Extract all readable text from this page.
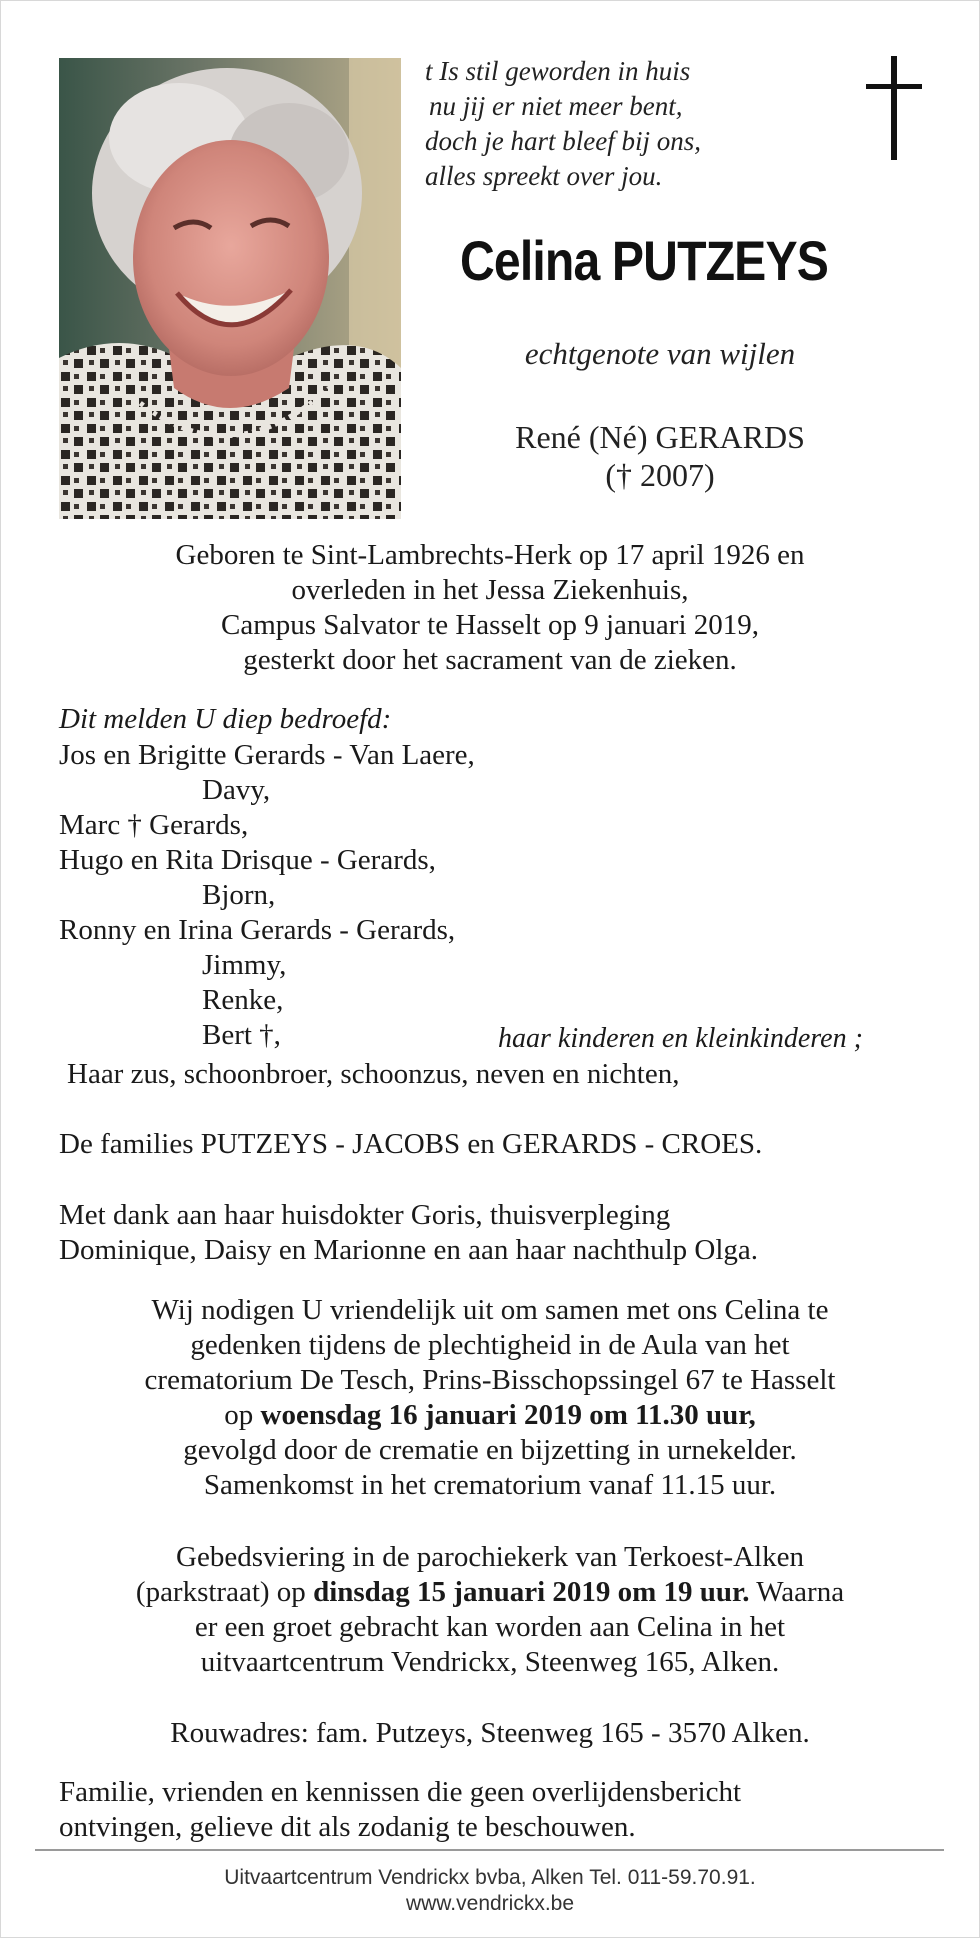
t Is stil geworden in huis
nu jij er niet meer bent,
doch je hart bleef bij ons,
alles spreekt over jou.
Celina PUTZEYS
echtgenote van wijlen
René (Né) GERARDS
(† 2007)
Geboren te Sint-Lambrechts-Herk op 17 april 1926 en
overleden in het Jessa Ziekenhuis,
Campus Salvator te Hasselt op 9 januari 2019,
gesterkt door het sacrament van de zieken.
Dit melden U diep bedroefd:
Jos en Brigitte Gerards - Van Laere,
Davy,
Marc † Gerards,
Hugo en Rita Drisque - Gerards,
Bjorn,
Ronny en Irina Gerards - Gerards,
Jimmy,
Renke,
Bert †,	haar kinderen en kleinkinderen ;
Haar zus, schoonbroer, schoonzus, neven en nichten,
De families PUTZEYS - JACOBS en GERARDS - CROES.
Met dank aan haar huisdokter Goris, thuisverpleging
Dominique, Daisy en Marionne en aan haar nachthulp Olga.
Wij nodigen U vriendelijk uit om samen met ons Celina te
gedenken tijdens de plechtigheid in de Aula van het
crematorium De Tesch, Prins-Bisschopssingel 67 te Hasselt
op woensdag 16 januari 2019 om 11.30 uur,
gevolgd door de crematie en bijzetting in urnekelder.
Samenkomst in het crematorium vanaf 11.15 uur.
Gebedsviering in de parochiekerk van Terkoest-Alken
(parkstraat) op dinsdag 15 januari 2019 om 19 uur. Waarna
er een groet gebracht kan worden aan Celina in het
uitvaartcentrum Vendrickx, Steenweg 165, Alken.
Rouwadres: fam. Putzeys, Steenweg 165 - 3570 Alken.
Familie, vrienden en kennissen die geen overlijdensbericht
ontvingen, gelieve dit als zodanig te beschouwen.
Uitvaartcentrum Vendrickx bvba, Alken Tel. 011-59.70.91.
www.vendrickx.be
